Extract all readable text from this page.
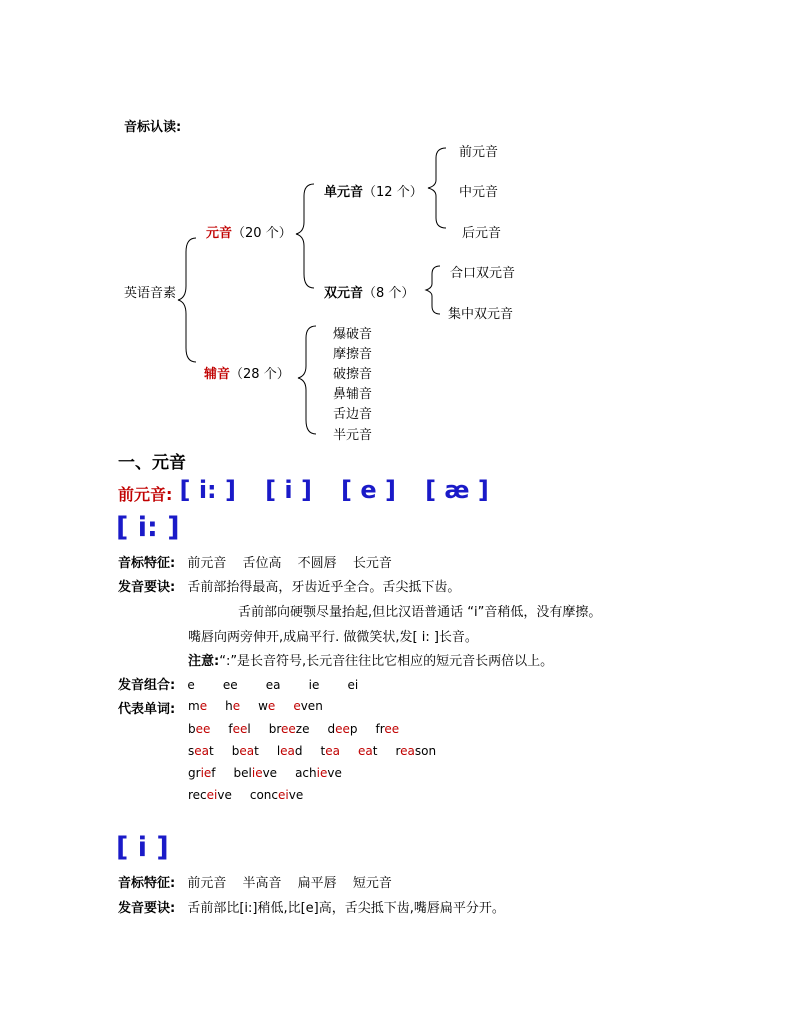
音标认读:
英语音素
元音（20 个）
辅音（28 个）
单元音（12 个）
双元音（8 个）
前元音
中元音
后元音
合口双元音
集中双元音
爆破音
摩擦音
破擦音
鼻辅音
舌边音
半元音
一、元音
前元音: [ i: ] [ i ] [ e ] [ æ ]
[ i: ]
音标特征: 前元音 舌位高 不圆唇 长元音
发音要诀: 舌前部抬得最高，牙齿近乎全合。舌尖抵下齿。
舌前部向硬颚尽量抬起,但比汉语普通话 “i”音稍低，没有摩擦。
嘴唇向两旁伸开,成扁平行. 做微笑状,发[ i: ]长音。
注意:“:”是长音符号,长元音往往比它相应的短元音长两倍以上。
发音组合: e ee ea ie ei
代表单词: me he we even
bee feel breeze deep free
seat beat lead tea eat reason
grief believe achieve
receive conceive
[ i ]
音标特征: 前元音 半高音 扁平唇 短元音
发音要诀: 舌前部比[i:]稍低,比[e]高，舌尖抵下齿,嘴唇扁平分开。
